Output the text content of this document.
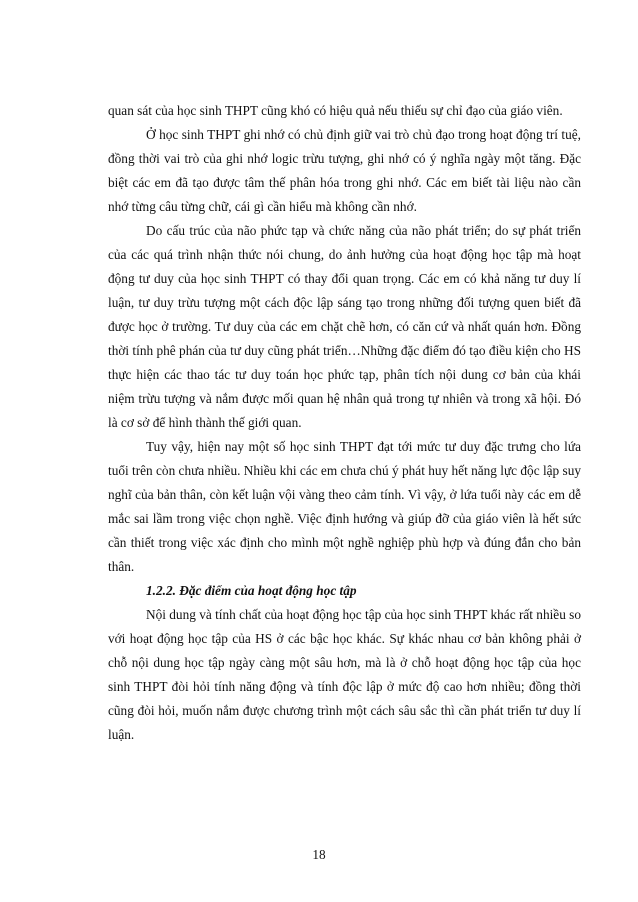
quan sát của học sinh THPT cũng khó có hiệu quả nếu thiếu sự chỉ đạo của giáo viên.

Ở học sinh THPT ghi nhớ có chủ định giữ vai trò chủ đạo trong hoạt động trí tuệ, đồng thời vai trò của ghi nhớ logic trừu tượng, ghi nhớ có ý nghĩa ngày một tăng. Đặc biệt các em đã tạo được tâm thế phân hóa trong ghi nhớ. Các em biết tài liệu nào cần nhớ từng câu từng chữ, cái gì cần hiểu mà không cần nhớ.

Do cấu trúc của não phức tạp và chức năng của não phát triển; do sự phát triển của các quá trình nhận thức nói chung, do ảnh hưởng của hoạt động học tập mà hoạt động tư duy của học sinh THPT có thay đổi quan trọng. Các em có khả năng tư duy lí luận, tư duy trừu tượng một cách độc lập sáng tạo trong những đối tượng quen biết đã được học ở trường. Tư duy của các em chặt chẽ hơn, có căn cứ và nhất quán hơn. Đồng thời tính phê phán của tư duy cũng phát triển…Những đặc điểm đó tạo điều kiện cho HS thực hiện các thao tác tư duy toán học phức tạp, phân tích nội dung cơ bản của khái niệm trừu tượng và nắm được mối quan hệ nhân quả trong tự nhiên và trong xã hội. Đó là cơ sở để hình thành thế giới quan.

Tuy vậy, hiện nay một số học sinh THPT đạt tới mức tư duy đặc trưng cho lứa tuổi trên còn chưa nhiều. Nhiều khi các em chưa chú ý phát huy hết năng lực độc lập suy nghĩ của bản thân, còn kết luận vội vàng theo cảm tính. Vì vậy, ở lứa tuổi này các em dễ mắc sai lầm trong việc chọn nghề. Việc định hướng và giúp đỡ của giáo viên là hết sức cần thiết trong việc xác định cho mình một nghề nghiệp phù hợp và đúng đắn cho bản thân.

1.2.2. Đặc điểm của hoạt động học tập

Nội dung và tính chất của hoạt động học tập của học sinh THPT khác rất nhiều so với hoạt động học tập của HS ở các bậc học khác. Sự khác nhau cơ bản không phải ở chỗ nội dung học tập ngày càng một sâu hơn, mà là ở chỗ hoạt động học tập của học sinh THPT đòi hỏi tính năng động và tính độc lập ở mức độ cao hơn nhiều; đồng thời cũng đòi hỏi, muốn nắm được chương trình một cách sâu sắc thì cần phát triển tư duy lí luận.

18
